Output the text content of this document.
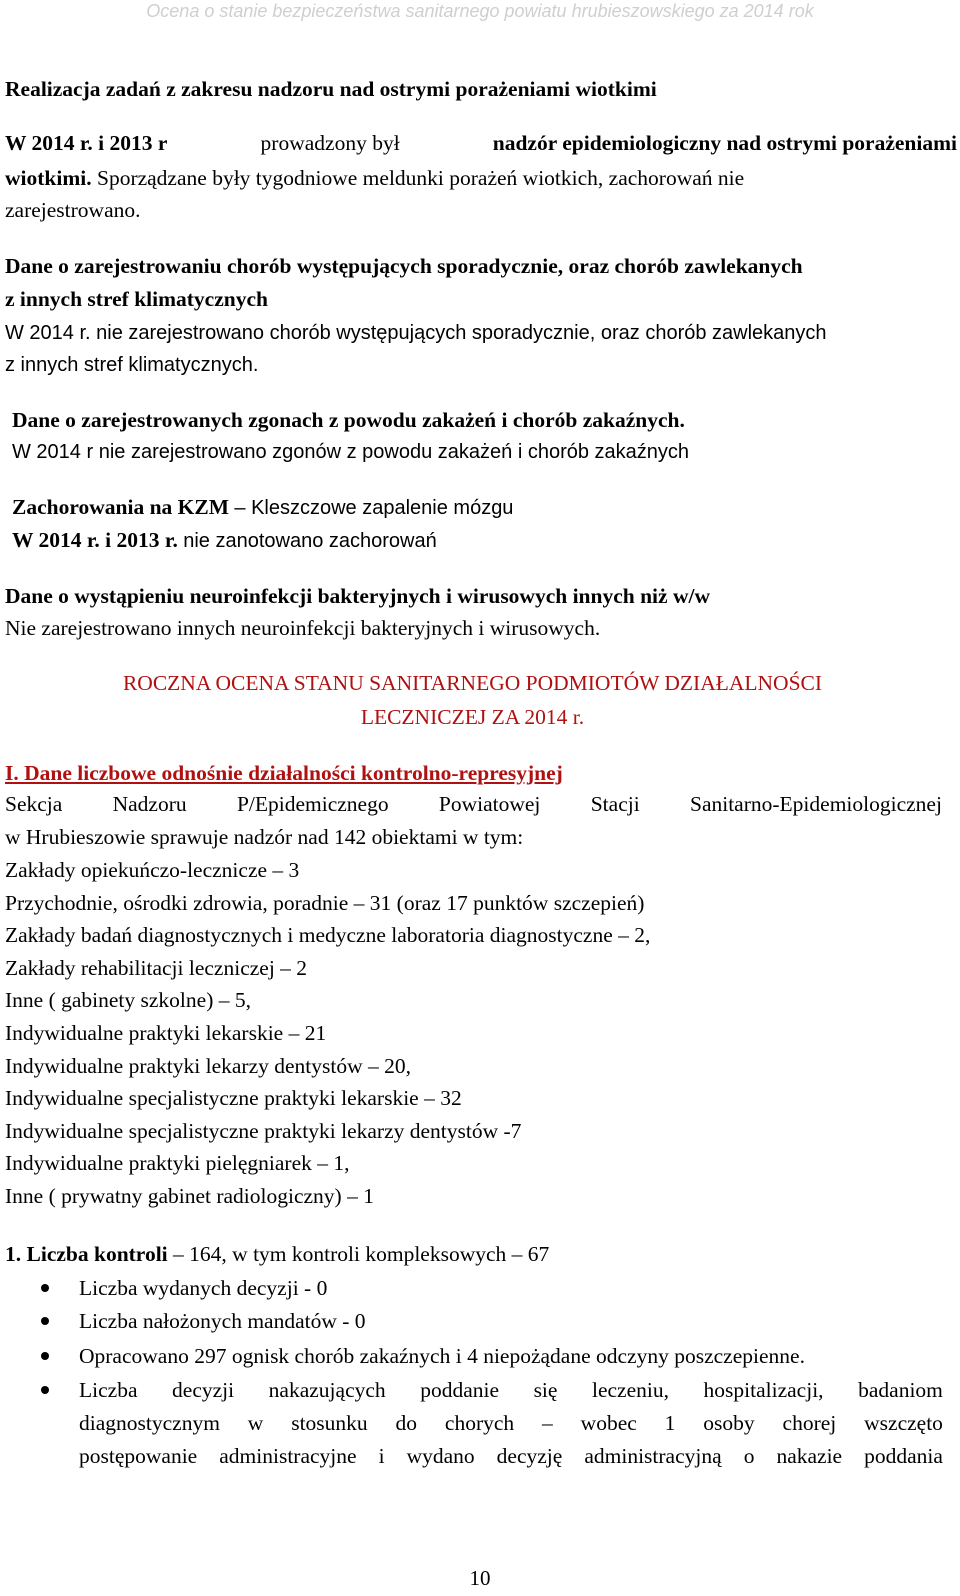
Ocena o stanie bezpieczeństwa sanitarnego powiatu hrubieszowskiego za 2014 rok
Realizacja zadań z zakresu nadzoru nad ostrymi porażeniami wiotkimi
W 2014 r. i 2013 r	prowadzony był	nadzór epidemiologiczny nad ostrymi porażeniami
wiotkimi. Sporządzane były tygodniowe meldunki porażeń wiotkich, zachorowań nie
zarejestrowano.
Dane o zarejestrowaniu chorób występujących sporadycznie, oraz chorób zawlekanych
z innych stref klimatycznych
W 2014 r. nie zarejestrowano chorób występujących sporadycznie, oraz chorób zawlekanych
z innych stref klimatycznych.
Dane o zarejestrowanych zgonach z powodu zakażeń i chorób zakaźnych.
W 2014 r nie zarejestrowano zgonów z powodu zakażeń i chorób zakaźnych
Zachorowania na KZM – Kleszczowe zapalenie mózgu
W 2014 r. i 2013 r. nie zanotowano zachorowań
Dane o wystąpieniu neuroinfekcji bakteryjnych i wirusowych innych niż w/w
Nie zarejestrowano innych neuroinfekcji bakteryjnych i wirusowych.
ROCZNA OCENA STANU SANITARNEGO PODMIOTÓW DZIAŁALNOŚCI
LECZNICZEJ ZA 2014 r.
I. Dane liczbowe odnośnie działalności kontrolno-represyjnej
Sekcja Nadzoru P/Epidemicznego Powiatowej Stacji Sanitarno-Epidemiologicznej
w Hrubieszowie sprawuje nadzór nad 142 obiektami w tym:
Zakłady opiekuńczo-lecznicze – 3
Przychodnie, ośrodki zdrowia, poradnie – 31 (oraz 17 punktów szczepień)
Zakłady badań diagnostycznych i medyczne laboratoria diagnostyczne – 2,
Zakłady rehabilitacji leczniczej – 2
Inne ( gabinety szkolne) – 5,
Indywidualne praktyki lekarskie – 21
Indywidualne praktyki lekarzy dentystów – 20,
Indywidualne specjalistyczne praktyki lekarskie – 32
Indywidualne specjalistyczne praktyki lekarzy dentystów -7
Indywidualne praktyki pielęgniarek – 1,
Inne ( prywatny gabinet radiologiczny) – 1
1. Liczba kontroli – 164, w tym kontroli kompleksowych – 67
Liczba wydanych decyzji - 0
Liczba nałożonych mandatów - 0
Opracowano 297 ognisk chorób zakaźnych i 4 niepożądane odczyny poszczepienne.
Liczba decyzji nakazujących poddanie się leczeniu, hospitalizacji, badaniom
diagnostycznym w stosunku do chorych – wobec 1 osoby chorej wszczęto
postępowanie administracyjne i wydano decyzję administracyjną o nakazie poddania
10
